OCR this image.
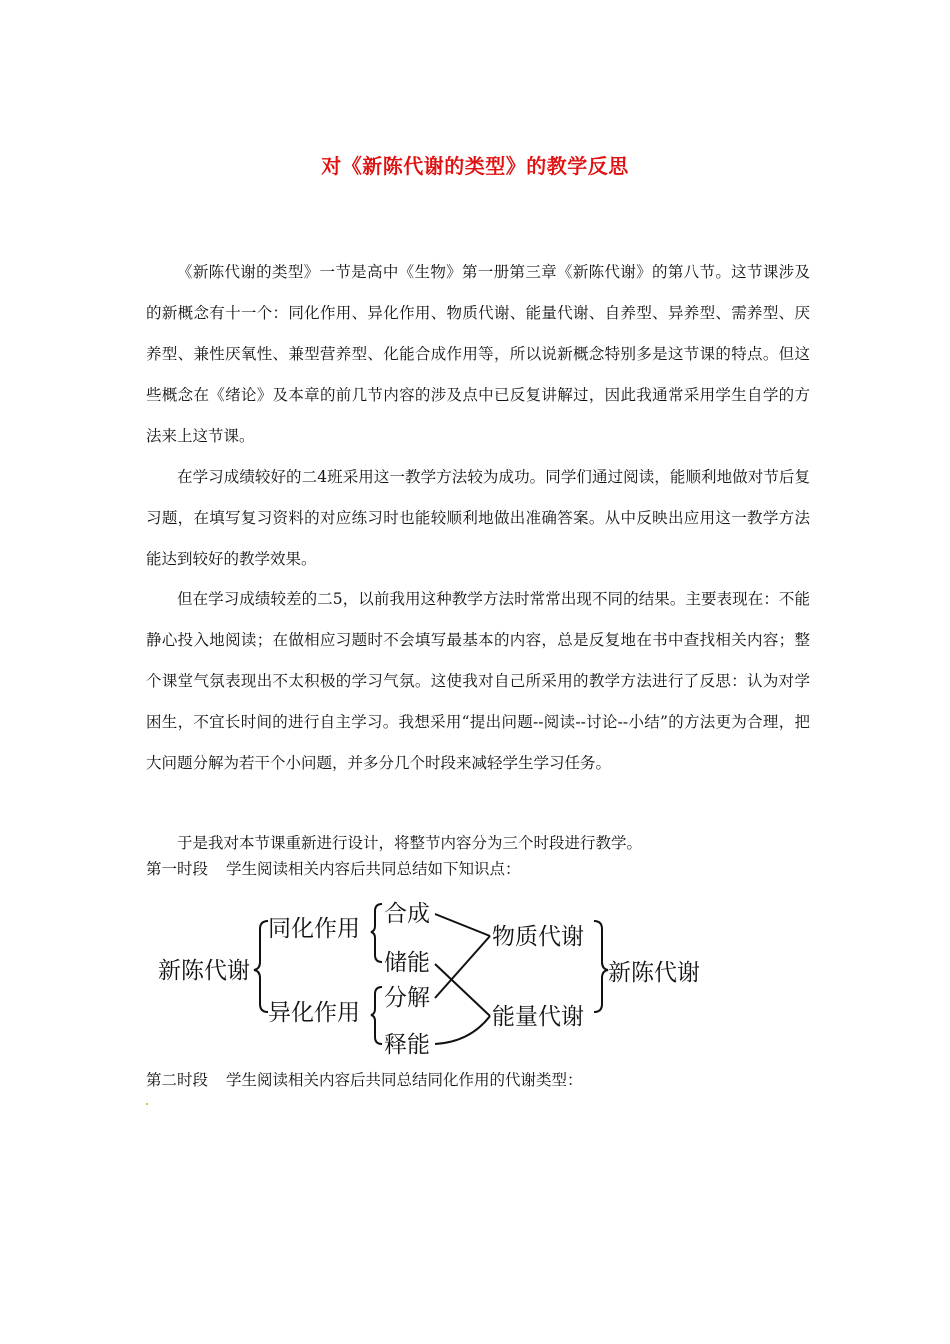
对《新陈代谢的类型》的教学反思

《新陈代谢的类型》一节是高中《生物》第一册第三章《新陈代谢》的第八节。这节课涉及的新概念有十一个：同化作用、异化作用、物质代谢、能量代谢、自养型、异养型、需养型、厌养型、兼性厌氧性、兼型营养型、化能合成作用等，所以说新概念特别多是这节课的特点。但这些概念在《绪论》及本章的前几节内容的涉及点中已反复讲解过，因此我通常采用学生自学的方法来上这节课。

在学习成绩较好的二4班采用这一教学方法较为成功。同学们通过阅读，能顺利地做对节后复习题，在填写复习资料的对应练习时也能较顺利地做出准确答案。从中反映出应用这一教学方法能达到较好的教学效果。

但在学习成绩较差的二5，以前我用这种教学方法时常常出现不同的结果。主要表现在：不能静心投入地阅读；在做相应习题时不会填写最基本的内容，总是反复地在书中查找相关内容；整个课堂气氛表现出不太积极的学习气氛。这使我对自己所采用的教学方法进行了反思：认为对学困生，不宜长时间的进行自主学习。我想采用“提出问题--阅读--讨论--小结”的方法更为合理，把大问题分解为若干个小问题，并多分几个时段来减轻学生学习任务。

于是我对本节课重新进行设计，将整节内容分为三个时段进行教学。

第一时段 学生阅读相关内容后共同总结如下知识点：
新陈代谢
同化作用
异化作用
合成
储能
分解
释能
物质代谢
能量代谢
新陈代谢
第二时段 学生阅读相关内容后共同总结同化作用的代谢类型：
